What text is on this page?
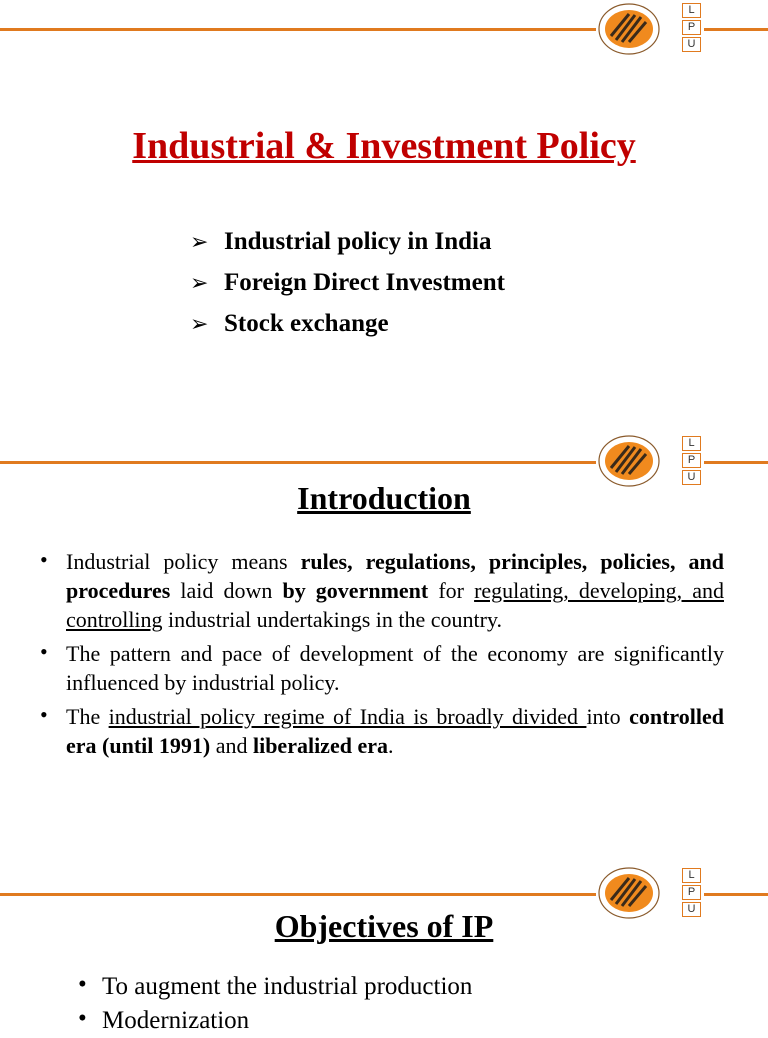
L
P
U
Industrial & Investment Policy
➢ Industrial policy in India
➢ Foreign Direct Investment
➢ Stock exchange
L
P
U
Introduction
• Industrial policy means rules, regulations, principles, policies, and procedures laid down by government for regulating, developing, and controlling industrial undertakings in the country.
• The pattern and pace of development of the economy are significantly influenced by industrial policy.
• The industrial policy regime of India is broadly divided into controlled era (until 1991) and liberalized era.
L
P
U
Objectives of IP
• To augment the industrial production
• Modernization
